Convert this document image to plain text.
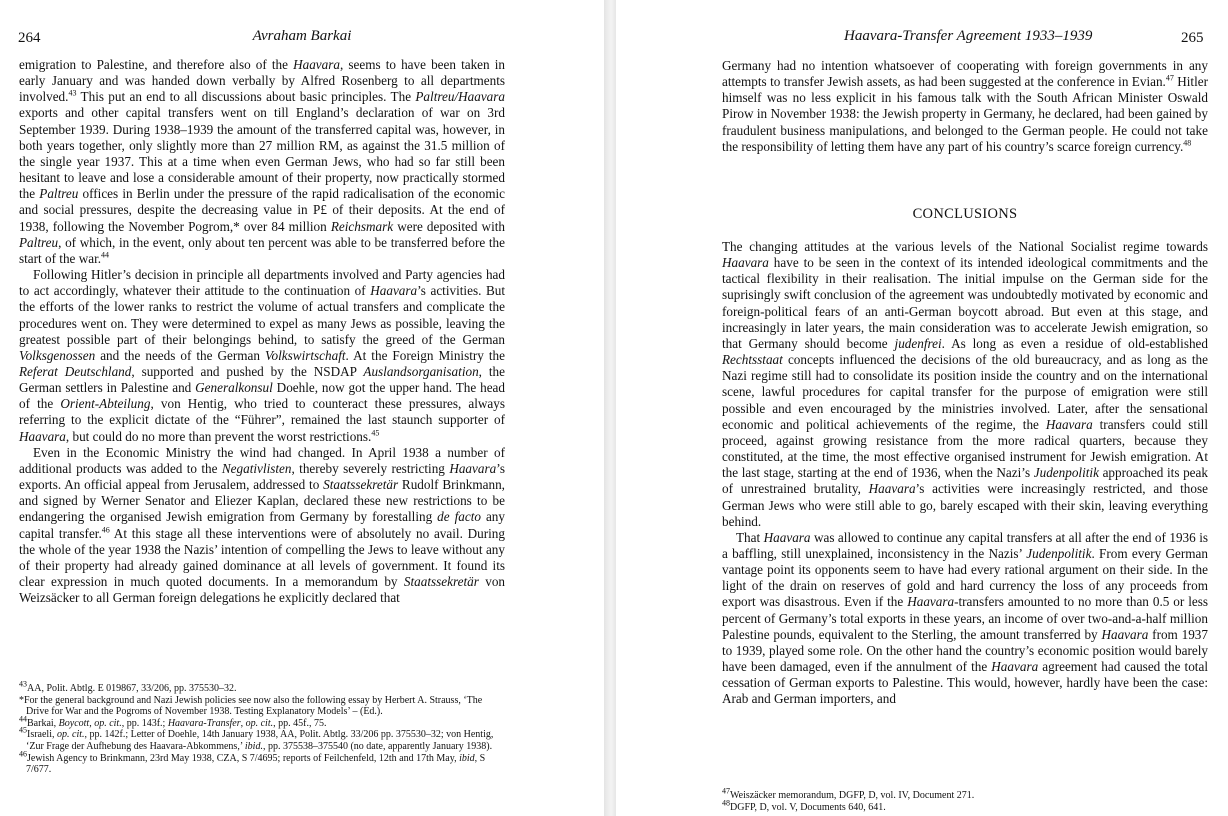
264	Avraham Barkai

emigration to Palestine, and therefore also of the Haavara, seems to have been taken in early January and was handed down verbally by Alfred Rosenberg to all departments involved.$^{43}$ This put an end to all discussions about basic principles. The Paltreu/Haavara exports and other capital transfers went on till England’s declaration of war on 3rd September 1939. During 1938–1939 the amount of the transferred capital was, however, in both years together, only slightly more than 27 million RM, as against the 31.5 million of the single year 1937. This at a time when even German Jews, who had so far still been hesitant to leave and lose a considerable amount of their property, now practically stormed the Paltreu offices in Berlin under the pressure of the rapid radicalisation of the economic and social pressures, despite the decreasing value in P£ of their deposits. At the end of 1938, following the November Pogrom,* over 84 million Reichsmark were deposited with Paltreu, of which, in the event, only about ten percent was able to be transferred before the start of the war.$^{44}$

Following Hitler’s decision in principle all departments involved and Party agencies had to act accordingly, whatever their attitude to the continuation of Haavara’s activities. But the efforts of the lower ranks to restrict the volume of actual transfers and complicate the procedures went on. They were determined to expel as many Jews as possible, leaving the greatest possible part of their belongings behind, to satisfy the greed of the German Volksgenossen and the needs of the German Volkswirtschaft. At the Foreign Ministry the Referat Deutschland, supported and pushed by the NSDAP Auslandsorganisation, the German settlers in Palestine and Generalkonsul Doehle, now got the upper hand. The head of the Orient-Abteilung, von Hentig, who tried to counteract these pressures, always referring to the explicit dictate of the “Führer”, remained the last staunch supporter of Haavara, but could do no more than prevent the worst restrictions.$^{45}$

Even in the Economic Ministry the wind had changed. In April 1938 a number of additional products was added to the Negativlisten, thereby severely restricting Haavara’s exports. An official appeal from Jerusalem, addressed to Staatssekretär Rudolf Brinkmann, and signed by Werner Senator and Eliezer Kaplan, declared these new restrictions to be endangering the organised Jewish emigration from Germany by forestalling de facto any capital transfer.$^{46}$ At this stage all these interventions were of absolutely no avail. During the whole of the year 1938 the Nazis’ intention of compelling the Jews to leave without any of their property had already gained dominance at all levels of government. It found its clear expression in much quoted documents. In a memorandum by Staatssekretär von Weizsäcker to all German foreign delegations he explicitly declared that

$^{43}$AA, Polit. Abtlg. E 019867, 33/206, pp. 375530–32.
*For the general background and Nazi Jewish policies see now also the following essay by Herbert A. Strauss, ‘The Drive for War and the Pogroms of November 1938. Testing Explanatory Models’ – (Ed.).
$^{44}$Barkai, Boycott, op. cit., pp. 143f.; Haavara-Transfer, op. cit., pp. 45f., 75.
$^{45}$Israeli, op. cit., pp. 142f.; Letter of Doehle, 14th January 1938, AA, Polit. Abtlg. 33/206 pp. 375530–32; von Hentig, ‘Zur Frage der Aufhebung des Haavara-Abkommens,’ ibid., pp. 375538–375540 (no date, apparently January 1938).
$^{46}$Jewish Agency to Brinkmann, 23rd May 1938, CZA, S 7/4695; reports of Feilchenfeld, 12th and 17th May, ibid, S 7/677.
Haavara-Transfer Agreement 1933–1939	265

Germany had no intention whatsoever of cooperating with foreign governments in any attempts to transfer Jewish assets, as had been suggested at the conference in Evian.$^{47}$ Hitler himself was no less explicit in his famous talk with the South African Minister Oswald Pirow in November 1938: the Jewish property in Germany, he declared, had been gained by fraudulent business manipulations, and belonged to the German people. He could not take the responsibility of letting them have any part of his country’s scarce foreign currency.$^{48}$

CONCLUSIONS

The changing attitudes at the various levels of the National Socialist regime towards Haavara have to be seen in the context of its intended ideological commitments and the tactical flexibility in their realisation. The initial impulse on the German side for the suprisingly swift conclusion of the agreement was undoubtedly motivated by economic and foreign-political fears of an anti-German boycott abroad. But even at this stage, and increasingly in later years, the main consideration was to accelerate Jewish emigration, so that Germany should become judenfrei. As long as even a residue of old-established Rechtsstaat concepts influenced the decisions of the old bureaucracy, and as long as the Nazi regime still had to consolidate its position inside the country and on the international scene, lawful procedures for capital transfer for the purpose of emigration were still possible and even encouraged by the ministries involved. Later, after the sensational economic and political achievements of the regime, the Haavara transfers could still proceed, against growing resistance from the more radical quarters, because they constituted, at the time, the most effective organised instrument for Jewish emigration. At the last stage, starting at the end of 1936, when the Nazi’s Judenpolitik approached its peak of unrestrained brutality, Haavara’s activities were increasingly restricted, and those German Jews who were still able to go, barely escaped with their skin, leaving everything behind.

That Haavara was allowed to continue any capital transfers at all after the end of 1936 is a baffling, still unexplained, inconsistency in the Nazis’ Judenpolitik. From every German vantage point its opponents seem to have had every rational argument on their side. In the light of the drain on reserves of gold and hard currency the loss of any proceeds from export was disastrous. Even if the Haavara-transfers amounted to no more than 0.5 or less percent of Germany’s total exports in these years, an income of over two-and-a-half million Palestine pounds, equivalent to the Sterling, the amount transferred by Haavara from 1937 to 1939, played some role. On the other hand the country’s economic position would barely have been damaged, even if the annulment of the Haavara agreement had caused the total cessation of German exports to Palestine. This would, however, hardly have been the case: Arab and German importers, and

$^{47}$Weiszäcker memorandum, DGFP, D, vol. IV, Document 271.
$^{48}$DGFP, D, vol. V, Documents 640, 641.
